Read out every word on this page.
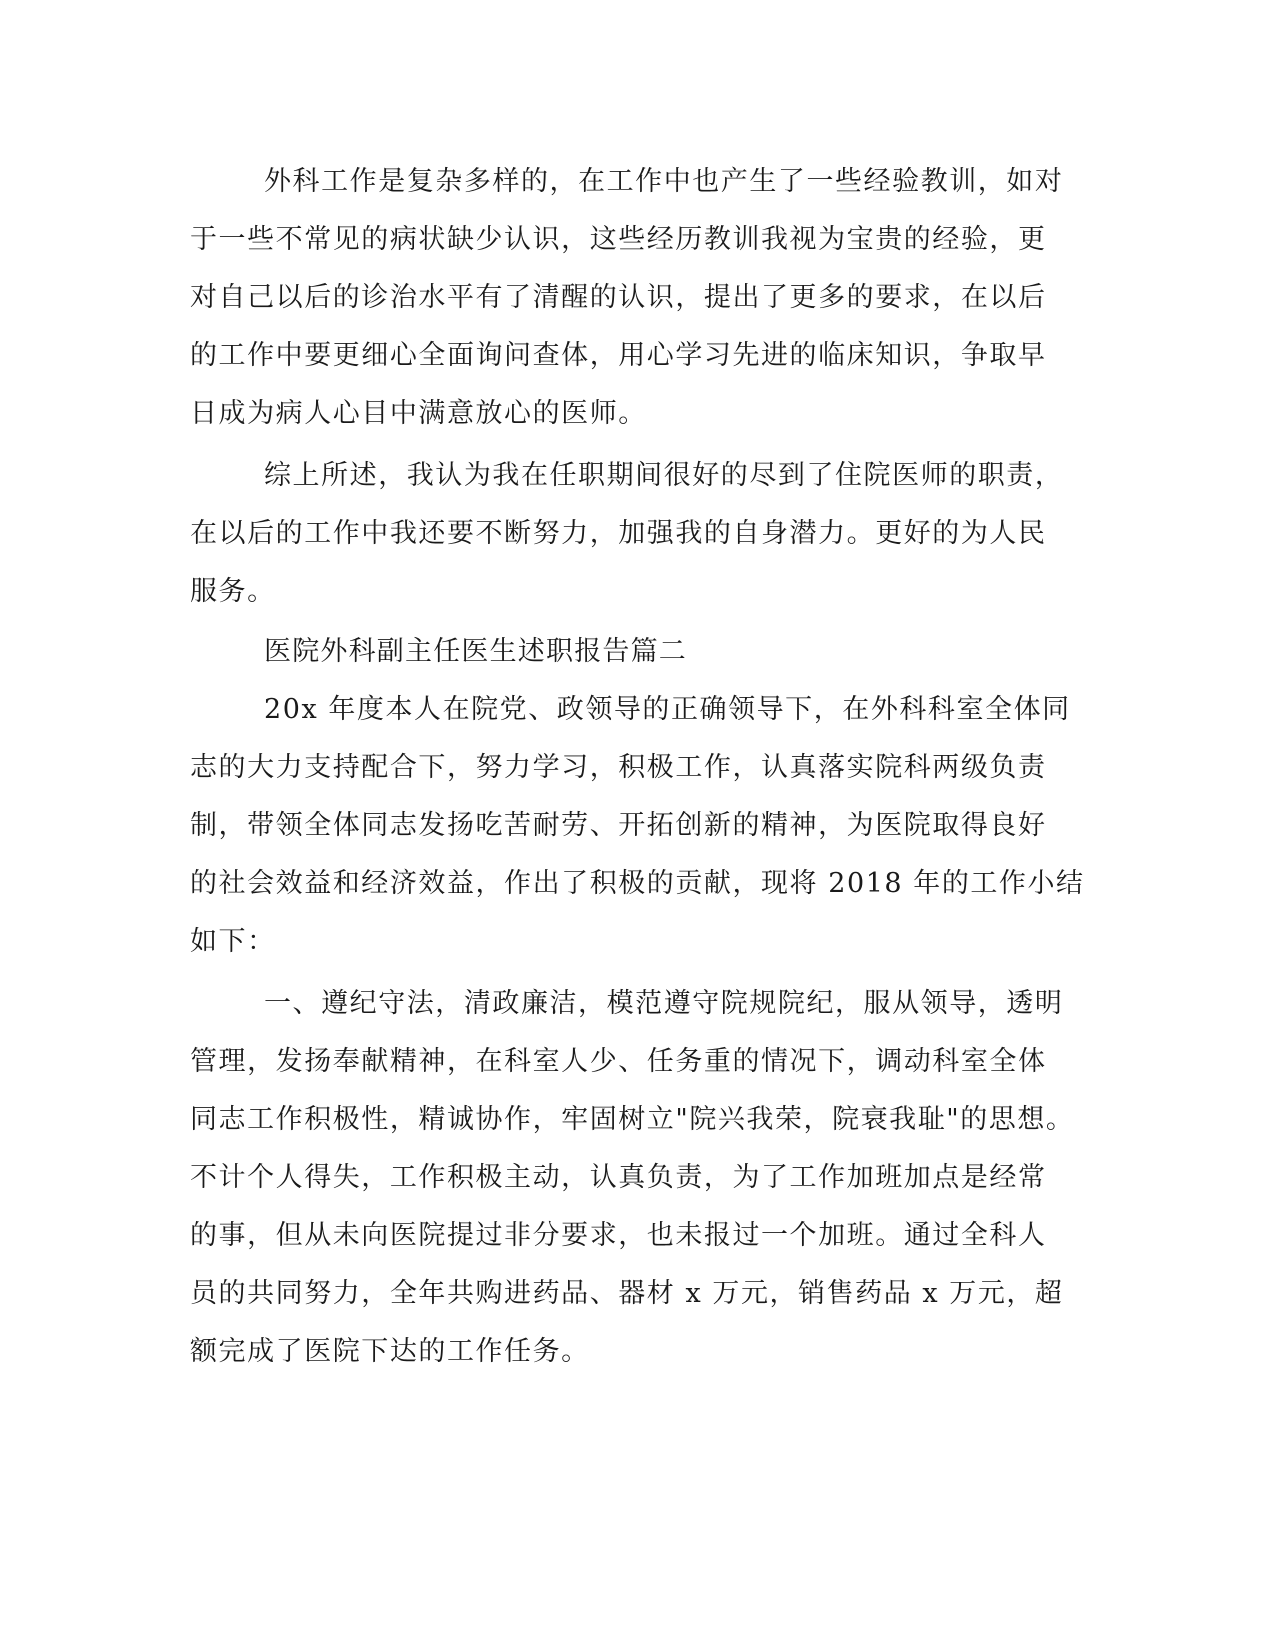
外科工作是复杂多样的，在工作中也产生了一些经验教训，如对
于一些不常见的病状缺少认识，这些经历教训我视为宝贵的经验，更
对自己以后的诊治水平有了清醒的认识，提出了更多的要求，在以后
的工作中要更细心全面询问查体，用心学习先进的临床知识，争取早
日成为病人心目中满意放心的医师。
综上所述，我认为我在任职期间很好的尽到了住院医师的职责，
在以后的工作中我还要不断努力，加强我的自身潜力。更好的为人民
服务。
医院外科副主任医生述职报告篇二
20x 年度本人在院党、政领导的正确领导下，在外科科室全体同
志的大力支持配合下，努力学习，积极工作，认真落实院科两级负责
制，带领全体同志发扬吃苦耐劳、开拓创新的精神，为医院取得良好
的社会效益和经济效益，作出了积极的贡献，现将 2018 年的工作小结
如下：
一、遵纪守法，清政廉洁，模范遵守院规院纪，服从领导，透明
管理，发扬奉献精神，在科室人少、任务重的情况下，调动科室全体
同志工作积极性，精诚协作，牢固树立"院兴我荣，院衰我耻"的思想。
不计个人得失，工作积极主动，认真负责，为了工作加班加点是经常
的事，但从未向医院提过非分要求，也未报过一个加班。通过全科人
员的共同努力，全年共购进药品、器材 x 万元，销售药品 x 万元，超
额完成了医院下达的工作任务。
